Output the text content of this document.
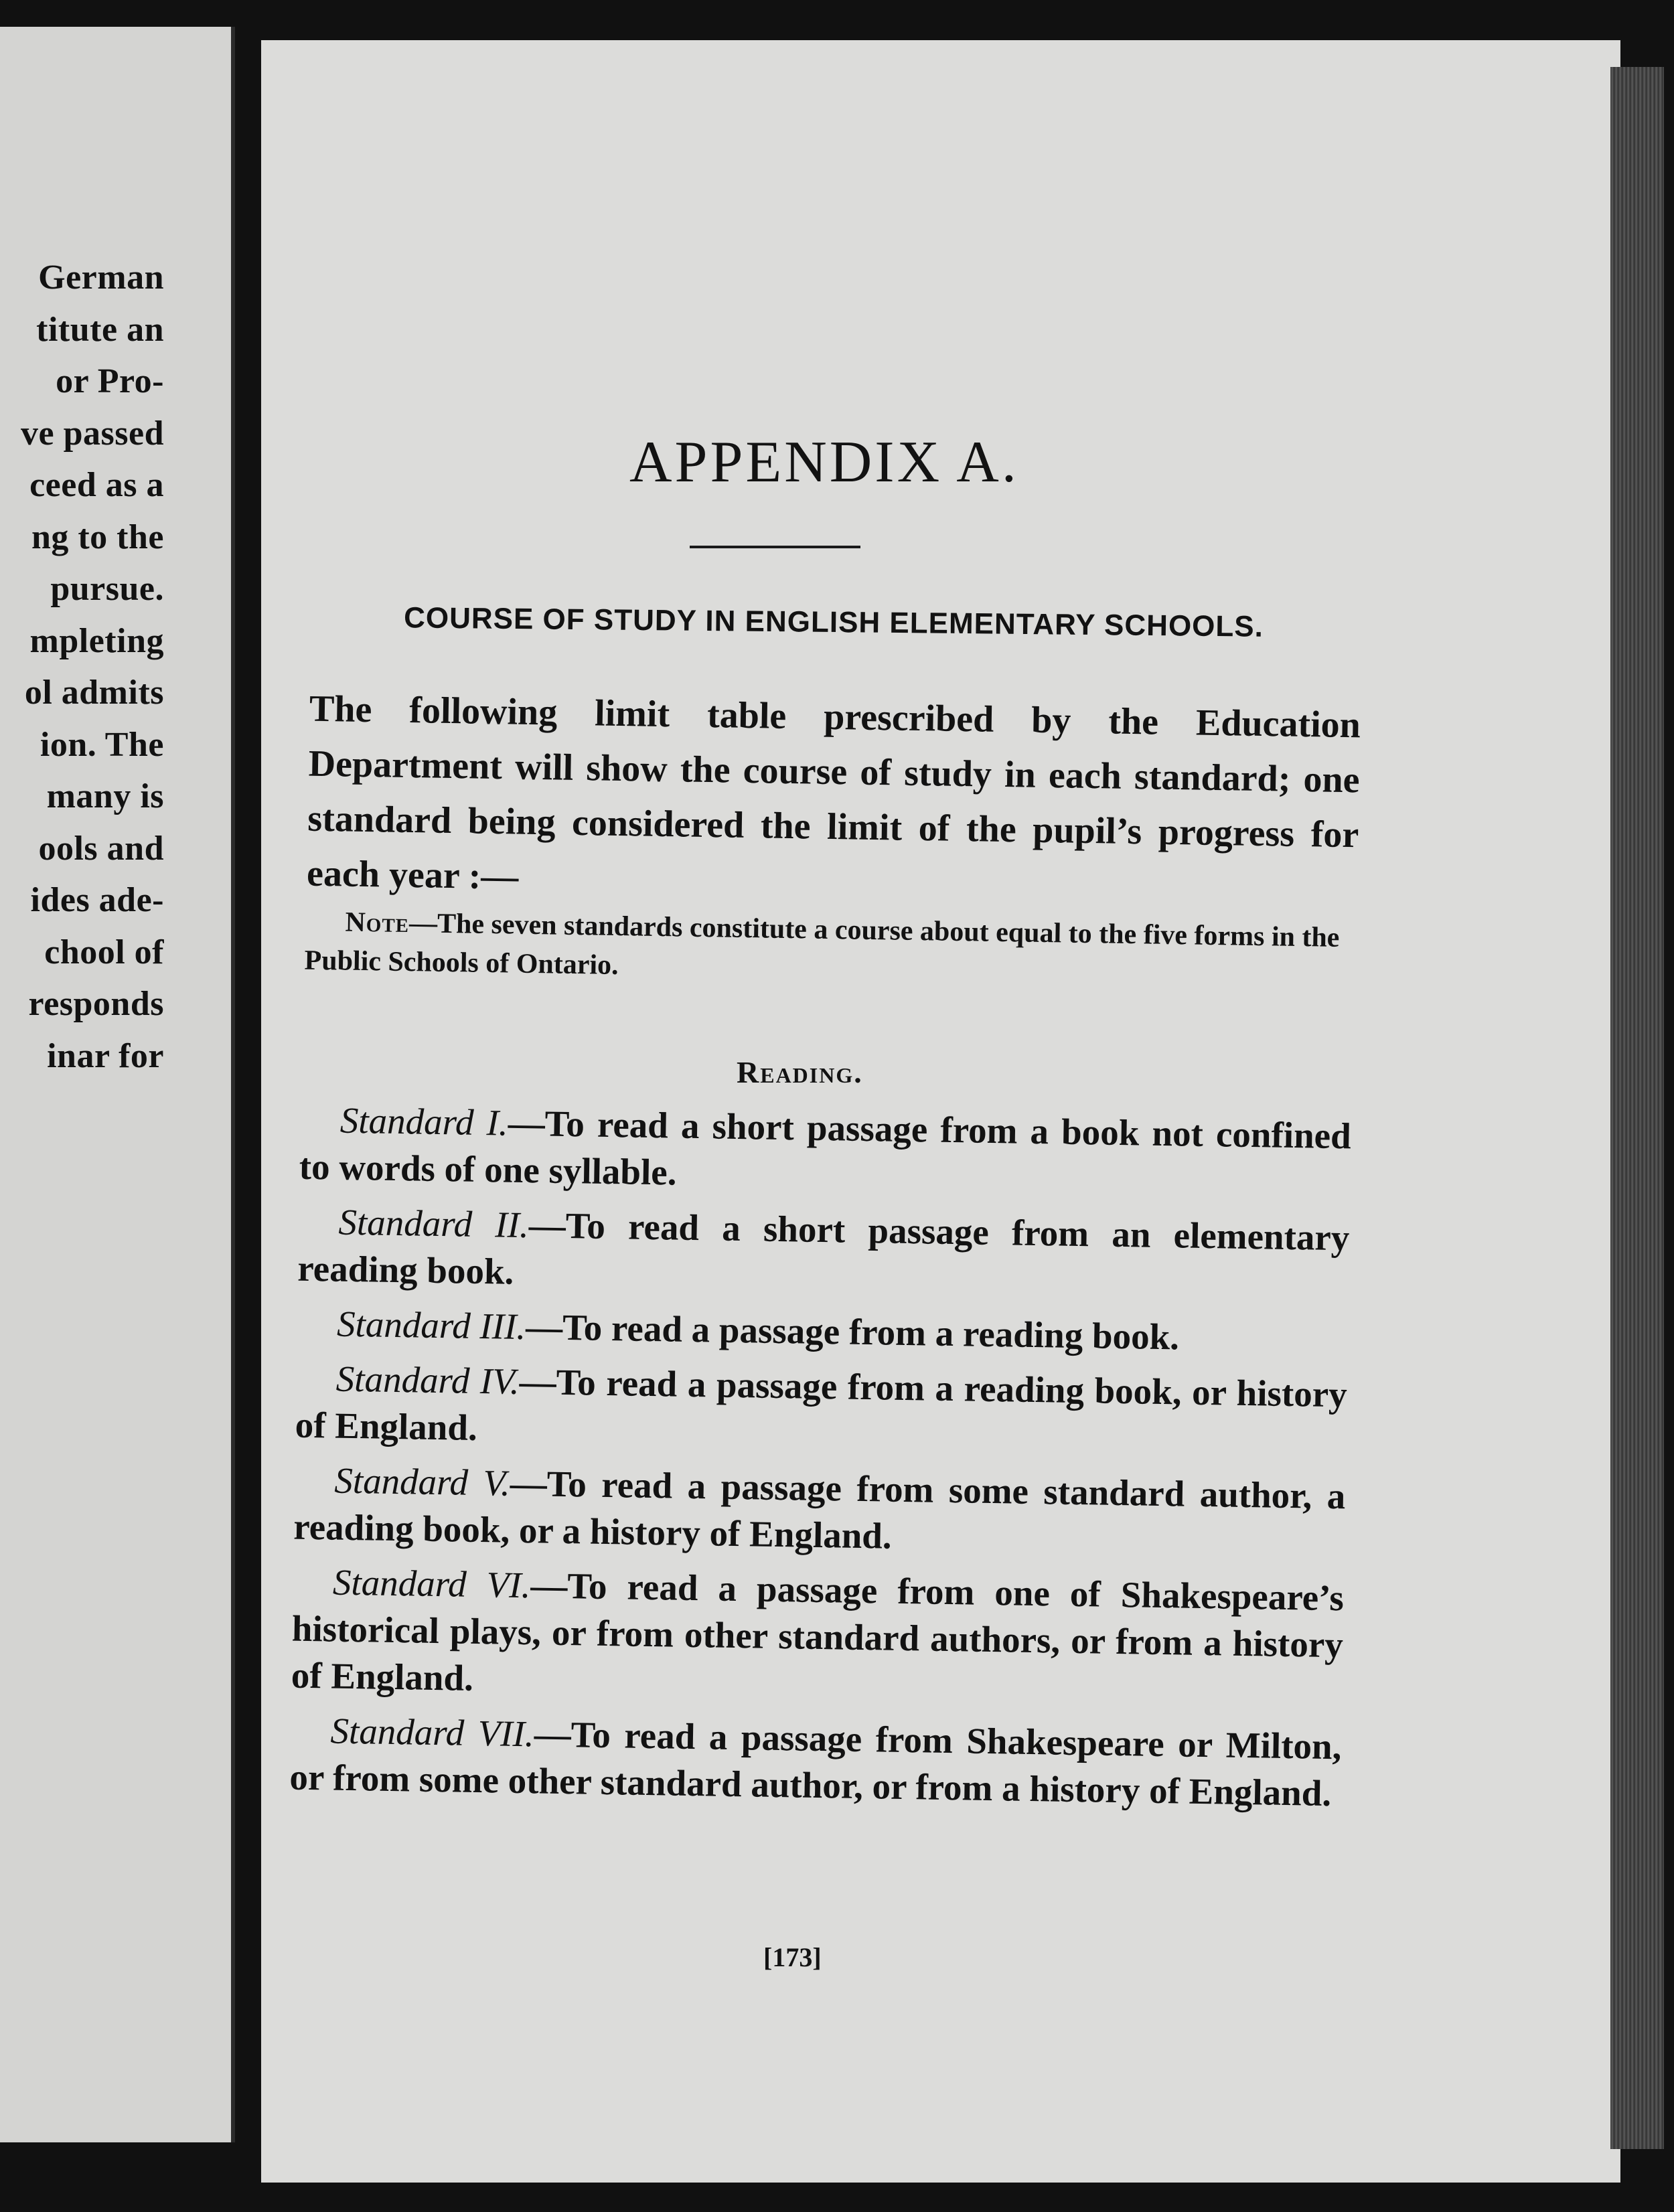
German
titute an
or Pro-
ve passed
ceed as a
ng to the
pursue.
mpleting
ol admits
ion. The
many is
ools and
ides ade-
chool of
responds
inar for
APPENDIX A.
COURSE OF STUDY IN ENGLISH ELEMENTARY SCHOOLS.
The following limit table prescribed by the Education Department will show the course of study in each standard; one standard being considered the limit of the pupil’s progress for each year :—
Note—The seven standards constitute a course about equal to the five forms in the Public Schools of Ontario.
Reading.

Standard I.—To read a short passage from a book not confined to words of one syllable.

Standard II.—To read a short passage from an elementary reading book.

Standard III.—To read a passage from a reading book.

Standard IV.—To read a passage from a reading book, or history of England.

Standard V.—To read a passage from some standard author, a reading book, or a history of England.

Standard VI.—To read a passage from one of Shakespeare’s historical plays, or from other standard authors, or from a history of England.

Standard VII.—To read a passage from Shakespeare or Milton, or from some other standard author, or from a history of England.

[173]
